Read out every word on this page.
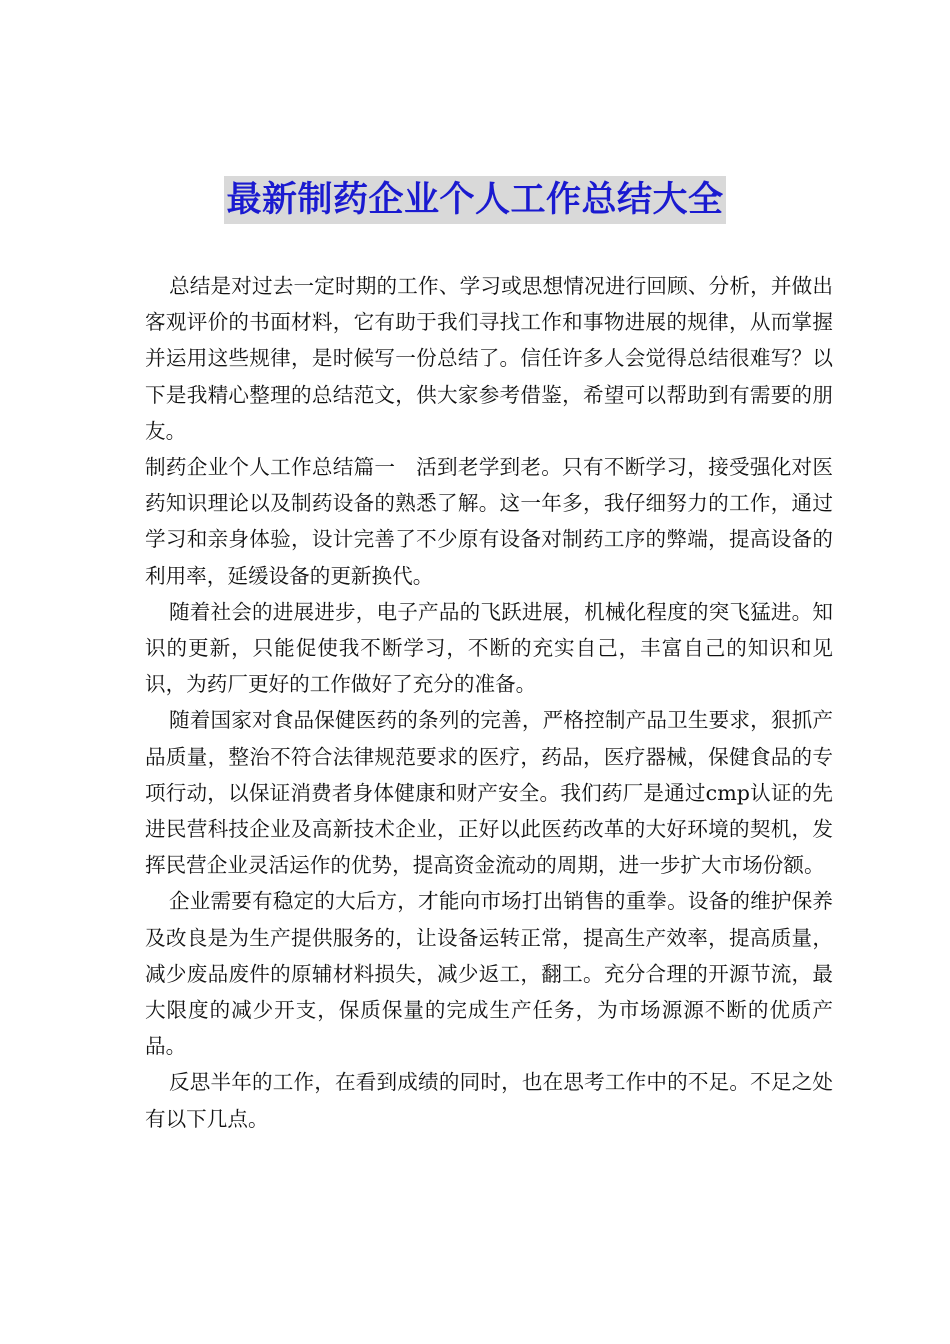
最新制药企业个人工作总结大全

总结是对过去一定时期的工作、学习或思想情况进行回顾、分析，并做出客观评价的书面材料，它有助于我们寻找工作和事物进展的规律，从而掌握并运用这些规律，是时候写一份总结了。信任许多人会觉得总结很难写？以下是我精心整理的总结范文，供大家参考借鉴，希望可以帮助到有需要的朋友。

制药企业个人工作总结篇一　活到老学到老。只有不断学习，接受强化对医药知识理论以及制药设备的熟悉了解。这一年多，我仔细努力的工作，通过学习和亲身体验，设计完善了不少原有设备对制药工序的弊端，提高设备的利用率，延缓设备的更新换代。

随着社会的进展进步，电子产品的飞跃进展，机械化程度的突飞猛进。知识的更新，只能促使我不断学习，不断的充实自己，丰富自己的知识和见识，为药厂更好的工作做好了充分的准备。

随着国家对食品保健医药的条列的完善，严格控制产品卫生要求，狠抓产品质量，整治不符合法律规范要求的医疗，药品，医疗器械，保健食品的专项行动，以保证消费者身体健康和财产安全。我们药厂是通过cmp认证的先进民营科技企业及高新技术企业，正好以此医药改革的大好环境的契机，发挥民营企业灵活运作的优势，提高资金流动的周期，进一步扩大市场份额。

企业需要有稳定的大后方，才能向市场打出销售的重拳。设备的维护保养及改良是为生产提供服务的，让设备运转正常，提高生产效率，提高质量，减少废品废件的原辅材料损失，减少返工，翻工。充分合理的开源节流，最大限度的减少开支，保质保量的完成生产任务，为市场源源不断的优质产品。

反思半年的工作，在看到成绩的同时，也在思考工作中的不足。不足之处有以下几点。
